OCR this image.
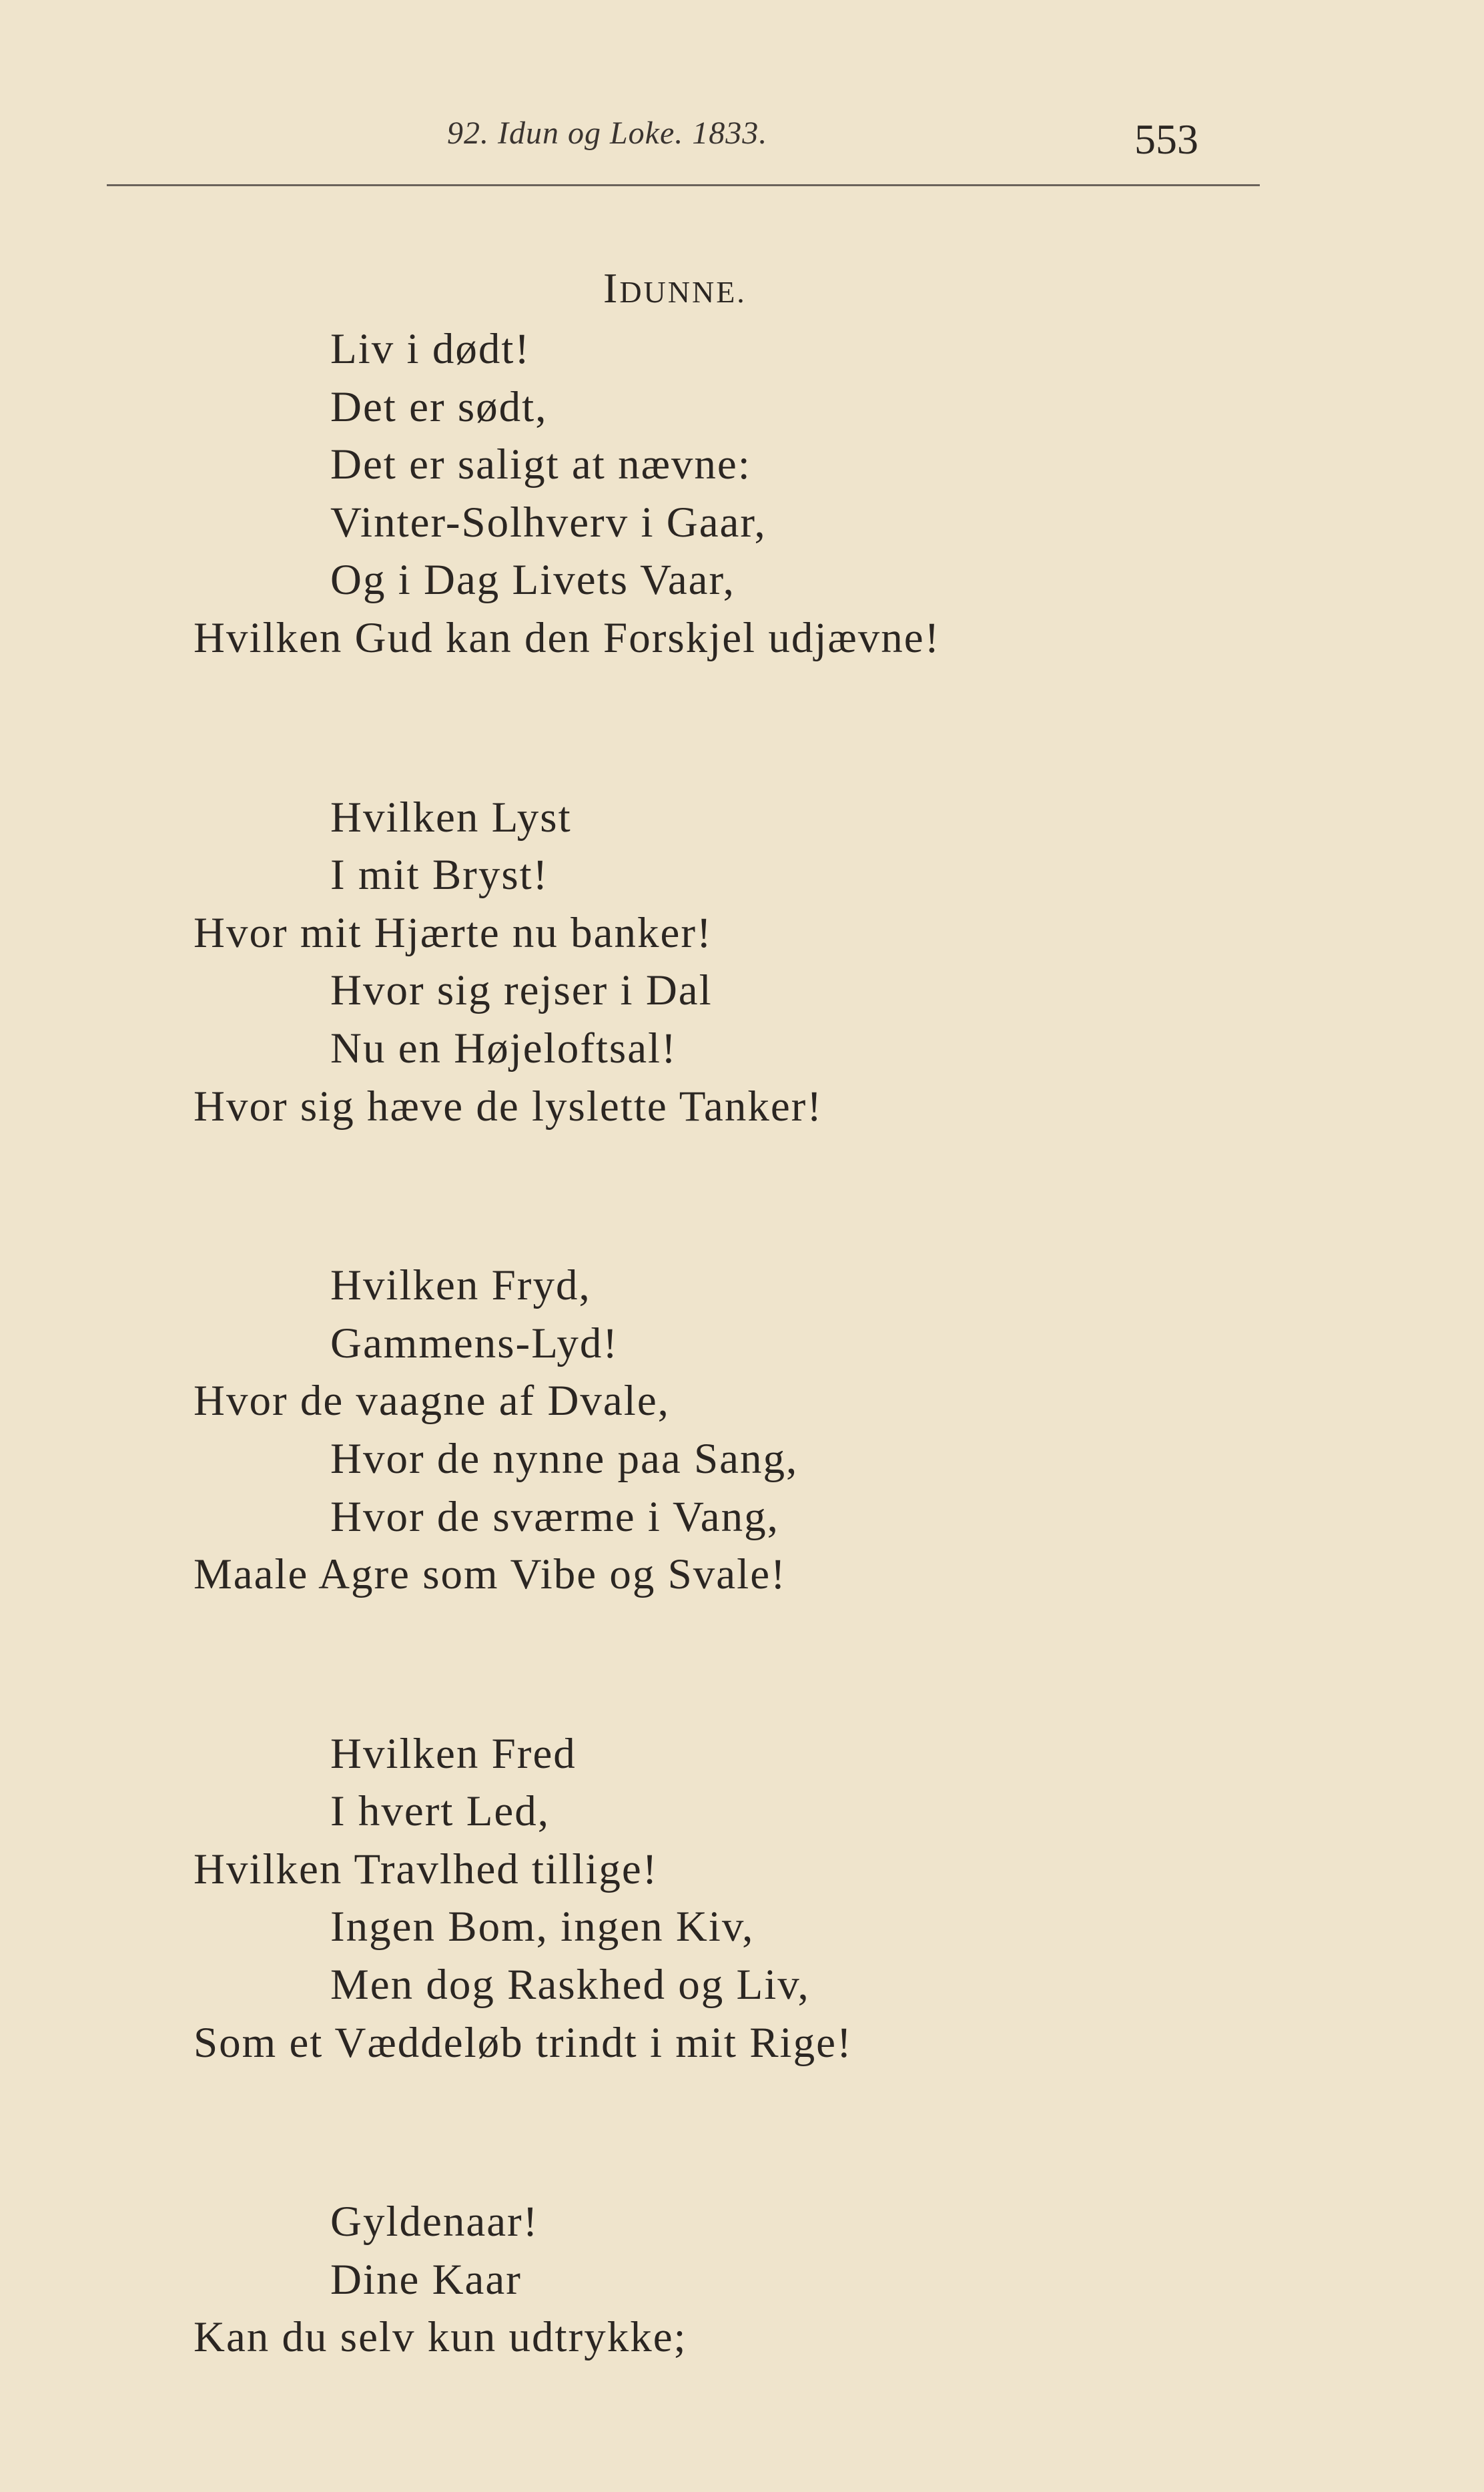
92. Idun og Loke. 1833.	553
IDUNNE.
Liv i dødt!
Det er sødt,
Det er saligt at nævne:
Vinter-Solhverv i Gaar,
Og i Dag Livets Vaar,
Hvilken Gud kan den Forskjel udjævne!
Hvilken Lyst
I mit Bryst!
Hvor mit Hjærte nu banker!
Hvor sig rejser i Dal
Nu en Højeloftsal!
Hvor sig hæve de lyslette Tanker!
Hvilken Fryd,
Gammens-Lyd!
Hvor de vaagne af Dvale,
Hvor de nynne paa Sang,
Hvor de sværme i Vang,
Maale Agre som Vibe og Svale!
Hvilken Fred
I hvert Led,
Hvilken Travlhed tillige!
Ingen Bom, ingen Kiv,
Men dog Raskhed og Liv,
Som et Væddeløb trindt i mit Rige!
Gyldenaar!
Dine Kaar
Kan du selv kun udtrykke;
